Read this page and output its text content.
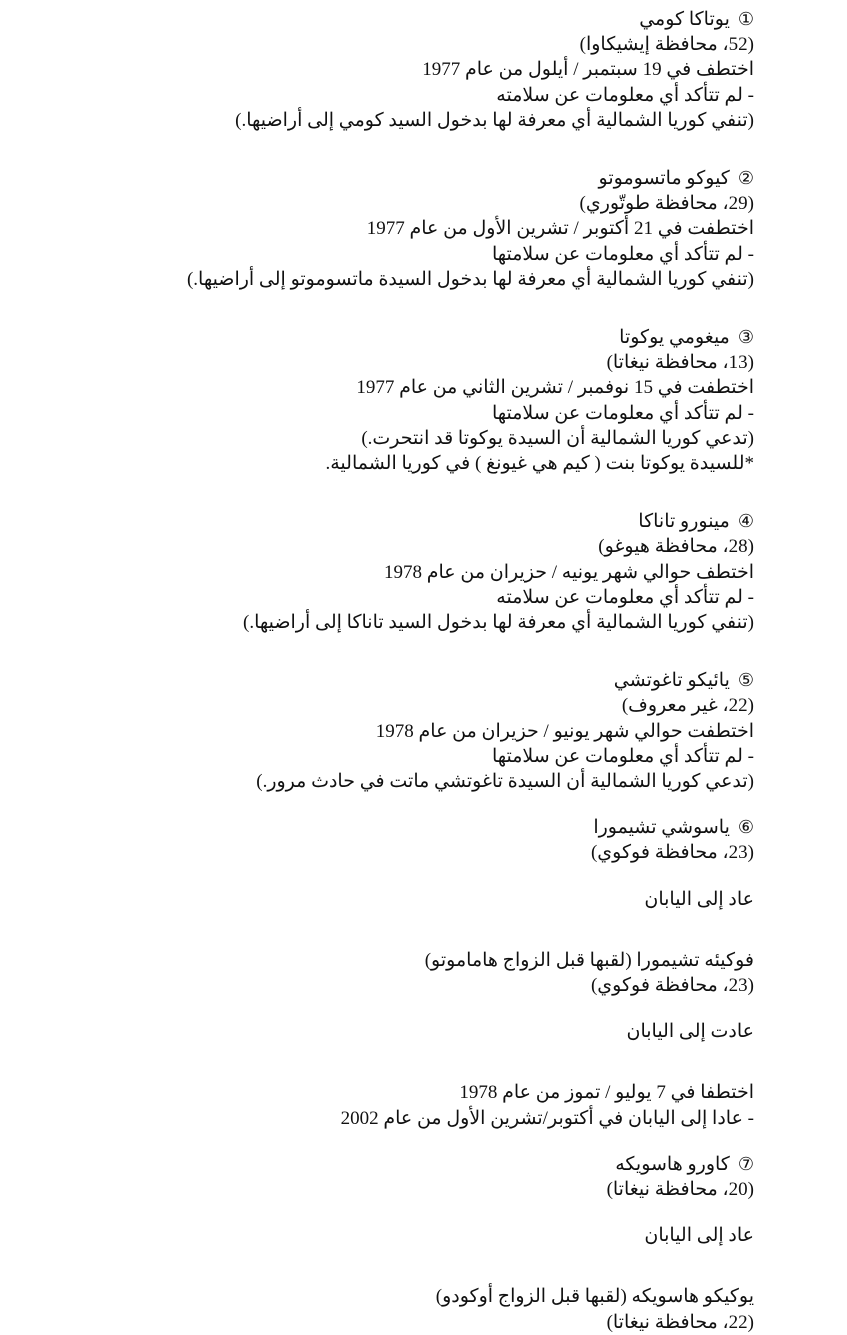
①يوتاكا كومي
(52، محافظة إيشيكاوا)
اختطف في 19 سبتمبر / أيلول من عام 1977
- لم تتأكد أي معلومات عن سلامته
(تنفي كوريا الشمالية أي معرفة لها بدخول السيد كومي إلى أراضيها.)
②كيوكو ماتسوموتو
(29، محافظة طوتّوري)
اختطفت في 21 أكتوبر / تشرين الأول من عام 1977
- لم تتأكد أي معلومات عن سلامتها
(تنفي كوريا الشمالية أي معرفة لها بدخول السيدة ماتسوموتو إلى أراضيها.)
③ميغومي يوكوتا
(13، محافظة نيغاتا)
اختطفت في 15 نوفمبر / تشرين الثاني من عام 1977
- لم تتأكد أي معلومات عن سلامتها
(تدعي كوريا الشمالية أن السيدة يوكوتا قد انتحرت.)
*للسيدة يوكوتا بنت ( كيم هي غيونغ ) في كوريا الشمالية.
④مينورو تاناكا
(28، محافظة هيوغو)
اختطف حوالي شهر يونيه / حزيران من عام 1978
- لم تتأكد أي معلومات عن سلامته
(تنفي كوريا الشمالية أي معرفة لها بدخول السيد تاناكا إلى أراضيها.)
⑤يائيكو تاغوتشي
(22، غير معروف)
اختطفت حوالي شهر يونيو / حزيران من عام 1978
- لم تتأكد أي معلومات عن سلامتها
(تدعي كوريا الشمالية أن السيدة تاغوتشي ماتت في حادث مرور.)
⑥ياسوشي تشيمورا
(23، محافظة فوكوي)
عاد إلى اليابان
فوكيئه تشيمورا (لقبها قبل الزواج هاماموتو)
(23، محافظة فوكوي)
عادت إلى اليابان
اختطفا في 7 يوليو / تموز من عام 1978
- عادا إلى اليابان في أكتوبر/تشرين الأول من عام 2002
⑦كاورو هاسويكه
(20، محافظة نيغاتا)
عاد إلى اليابان
يوكيكو هاسويكه (لقبها قبل الزواج أوكودو)
(22، محافظة نيغاتا)
